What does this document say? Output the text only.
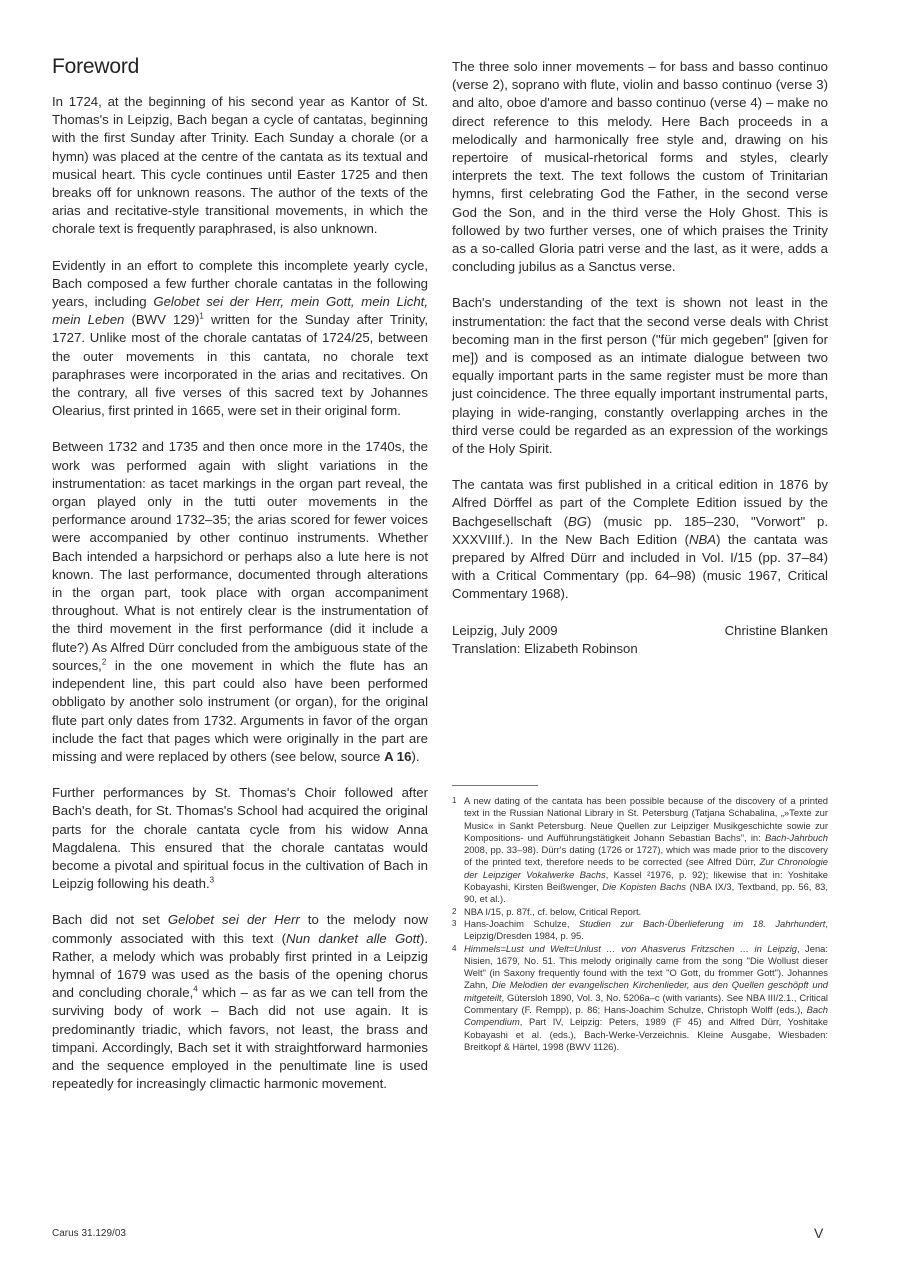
Foreword

In 1724, at the beginning of his second year as Kantor of St. Thomas's in Leipzig, Bach began a cycle of cantatas, beginning with the first Sunday after Trinity. Each Sunday a chorale (or a hymn) was placed at the centre of the cantata as its textual and musical heart. This cycle continues until Easter 1725 and then breaks off for unknown reasons. The author of the texts of the arias and recitative-style transitional movements, in which the chorale text is frequently paraphrased, is also unknown.

Evidently in an effort to complete this incomplete yearly cycle, Bach composed a few further chorale cantatas in the following years, including Gelobet sei der Herr, mein Gott, mein Licht, mein Leben (BWV 129)$^1$ written for the Sunday after Trinity, 1727. Unlike most of the chorale cantatas of 1724/25, between the outer movements in this cantata, no chorale text paraphrases were incorporated in the arias and recitatives. On the contrary, all five verses of this sacred text by Johannes Olearius, first printed in 1665, were set in their original form.

Between 1732 and 1735 and then once more in the 1740s, the work was performed again with slight variations in the instrumentation: as tacet markings in the organ part reveal, the organ played only in the tutti outer movements in the performance around 1732–35; the arias scored for fewer voices were accompanied by other continuo instruments. Whether Bach intended a harpsichord or perhaps also a lute here is not known. The last performance, documented through alterations in the organ part, took place with organ accompaniment throughout. What is not entirely clear is the instrumentation of the third movement in the first performance (did it include a flute?) As Alfred Dürr concluded from the ambiguous state of the sources,$^2$ in the one movement in which the flute has an independent line, this part could also have been performed obbligato by another solo instrument (or organ), for the original flute part only dates from 1732. Arguments in favor of the organ include the fact that pages which were originally in the part are missing and were replaced by others (see below, source A 16).

Further performances by St. Thomas's Choir followed after Bach's death, for St. Thomas's School had acquired the original parts for the chorale cantata cycle from his widow Anna Magdalena. This ensured that the chorale cantatas would become a pivotal and spiritual focus in the cultivation of Bach in Leipzig following his death.$^3$

Bach did not set Gelobet sei der Herr to the melody now commonly associated with this text (Nun danket alle Gott). Rather, a melody which was probably first printed in a Leipzig hymnal of 1679 was used as the basis of the opening chorus and concluding chorale,$^4$ which – as far as we can tell from the surviving body of work – Bach did not use again. It is predominantly triadic, which favors, not least, the brass and timpani. Accordingly, Bach set it with straightforward harmonies and the sequence employed in the penultimate line is used repeatedly for increasingly climactic harmonic movement.

The three solo inner movements – for bass and basso continuo (verse 2), soprano with flute, violin and basso continuo (verse 3) and alto, oboe d'amore and basso continuo (verse 4) – make no direct reference to this melody. Here Bach proceeds in a melodically and harmonically free style and, drawing on his repertoire of musical-rhetorical forms and styles, clearly interprets the text. The text follows the custom of Trinitarian hymns, first celebrating God the Father, in the second verse God the Son, and in the third verse the Holy Ghost. This is followed by two further verses, one of which praises the Trinity as a so-called Gloria patri verse and the last, as it were, adds a concluding jubilus as a Sanctus verse.

Bach's understanding of the text is shown not least in the instrumentation: the fact that the second verse deals with Christ becoming man in the first person ("für mich gegeben" [given for me]) and is composed as an intimate dialogue between two equally important parts in the same register must be more than just coincidence. The three equally important instrumental parts, playing in wide-ranging, constantly overlapping arches in the third verse could be regarded as an expression of the workings of the Holy Spirit.

The cantata was first published in a critical edition in 1876 by Alfred Dörffel as part of the Complete Edition issued by the Bachgesellschaft (BG) (music pp. 185–230, "Vorwort" p. XXXVIIIf.). In the New Bach Edition (NBA) the cantata was prepared by Alfred Dürr and included in Vol. I/15 (pp. 37–84) with a Critical Commentary (pp. 64–98) (music 1967, Critical Commentary 1968).

Leipzig, July 2009	Christine Blanken
Translation: Elizabeth Robinson
1 A new dating of the cantata has been possible because of the discovery of a printed text in the Russian National Library in St. Petersburg (Tatjana Schabalina, „»Texte zur Music« in Sankt Petersburg. Neue Quellen zur Leipziger Musikgeschichte sowie zur Kompositions- und Aufführungstätigkeit Johann Sebastian Bachs", in: Bach-Jahrbuch 2008, pp. 33–98). Dürr's dating (1726 or 1727), which was made prior to the discovery of the printed text, therefore needs to be corrected (see Alfred Dürr, Zur Chronologie der Leipziger Vokalwerke Bachs, Kassel ²1976, p. 92); likewise that in: Yoshitake Kobayashi, Kirsten Beißwenger, Die Kopisten Bachs (NBA IX/3, Textband, pp. 56, 83, 90, et al.).
2 NBA I/15, p. 87f., cf. below, Critical Report.
3 Hans-Joachim Schulze, Studien zur Bach-Überlieferung im 18. Jahrhundert, Leipzig/Dresden 1984, p. 95.
4 Himmels=Lust und Welt=Unlust … von Ahasverus Fritzschen … in Leipzig, Jena: Nisien, 1679, No. 51. This melody originally came from the song "Die Wollust dieser Welt" (in Saxony frequently found with the text "O Gott, du frommer Gott"). Johannes Zahn, Die Melodien der evangelischen Kirchenlieder, aus den Quellen geschöpft und mitgeteilt, Gütersloh 1890, Vol. 3, No. 5206a–c (with variants). See NBA III/2.1., Critical Commentary (F. Rempp), p. 86; Hans-Joachim Schulze, Christoph Wolff (eds.), Bach Compendium, Part IV, Leipzig: Peters, 1989 (F 45) and Alfred Dürr, Yoshitake Kobayashi et al. (eds.), Bach-Werke-Verzeichnis. Kleine Ausgabe, Wiesbaden: Breitkopf & Härtel, 1998 (BWV 1126).
Carus 31.129/03	V
